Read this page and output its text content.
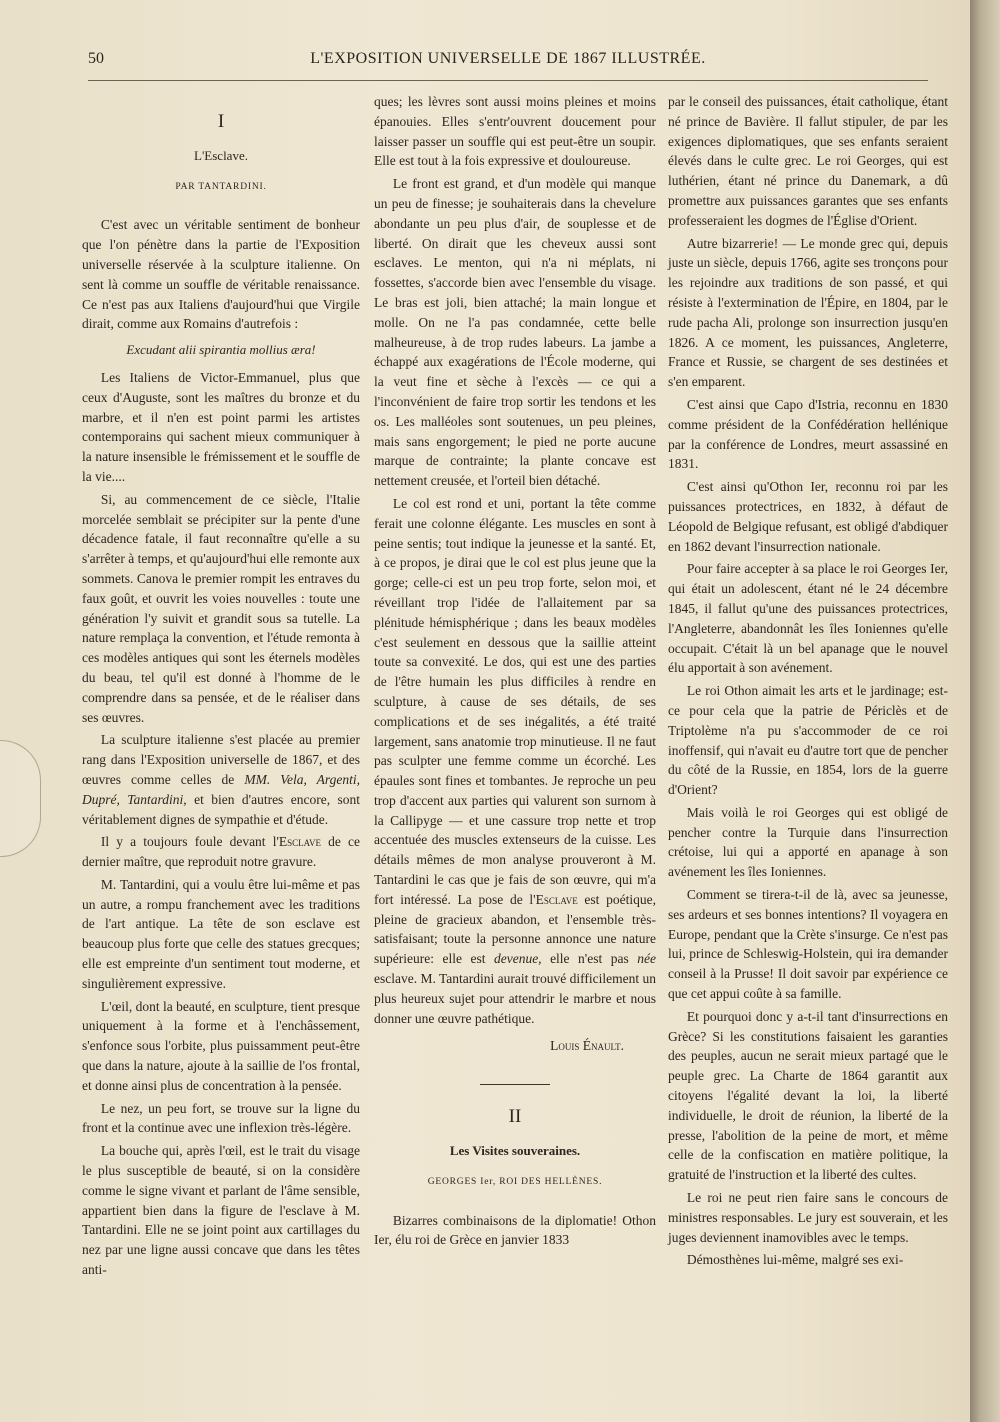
50	L'EXPOSITION UNIVERSELLE DE 1867 ILLUSTRÉE.
I
L'Esclave.
PAR TANTARDINI.

C'est avec un véritable sentiment de bonheur que l'on pénètre dans la partie de l'Exposition universelle réservée à la sculpture italienne. On sent là comme un souffle de véritable renaissance. Ce n'est pas aux Italiens d'aujourd'hui que Virgile dirait, comme aux Romains d'autrefois :

Excudant alii spirantia mollius æra!

Les Italiens de Victor-Emmanuel, plus que ceux d'Auguste, sont les maîtres du bronze et du marbre, et il n'en est point parmi les artistes contemporains qui sachent mieux communiquer à la nature insensible le frémissement et le souffle de la vie....

Si, au commencement de ce siècle, l'Italie morcelée semblait se précipiter sur la pente d'une décadence fatale, il faut reconnaître qu'elle a su s'arrêter à temps, et qu'aujourd'hui elle remonte aux sommets. Canova le premier rompit les entraves du faux goût, et ouvrit les voies nouvelles : toute une génération l'y suivit et grandit sous sa tutelle. La nature remplaça la convention, et l'étude remonta à ces modèles antiques qui sont les éternels modèles du beau, tel qu'il est donné à l'homme de le comprendre dans sa pensée, et de le réaliser dans ses œuvres.

La sculpture italienne s'est placée au premier rang dans l'Exposition universelle de 1867, et des œuvres comme celles de MM. Vela, Argenti, Dupré, Tantardini, et bien d'autres encore, sont véritablement dignes de sympathie et d'étude.

Il y a toujours foule devant l'Esclave de ce dernier maître, que reproduit notre gravure.

M. Tantardini, qui a voulu être lui-même et pas un autre, a rompu franchement avec les traditions de l'art antique. La tête de son esclave est beaucoup plus forte que celle des statues grecques; elle est empreinte d'un sentiment tout moderne, et singulièrement expressive.

L'œil, dont la beauté, en sculpture, tient presque uniquement à la forme et à l'enchâssement, s'enfonce sous l'orbite, plus puissamment peut-être que dans la nature, ajoute à la saillie de l'os frontal, et donne ainsi plus de concentration à la pensée.

Le nez, un peu fort, se trouve sur la ligne du front et la continue avec une inflexion très-légère.

La bouche qui, après l'œil, est le trait du visage le plus susceptible de beauté, si on la considère comme le signe vivant et parlant de l'âme sensible, appartient bien dans la figure de l'esclave à M. Tantardini. Elle ne se joint point aux cartillages du nez par une ligne aussi concave que dans les têtes anti-

ques; les lèvres sont aussi moins pleines et moins épanouies. Elles s'entr'ouvrent doucement pour laisser passer un souffle qui est peut-être un soupir. Elle est tout à la fois expressive et douloureuse.

Le front est grand, et d'un modèle qui manque un peu de finesse; je souhaiterais dans la chevelure abondante un peu plus d'air, de souplesse et de liberté. On dirait que les cheveux aussi sont esclaves. Le menton, qui n'a ni méplats, ni fossettes, s'accorde bien avec l'ensemble du visage. Le bras est joli, bien attaché; la main longue et molle. On ne l'a pas condamnée, cette belle malheureuse, à de trop rudes labeurs. La jambe a échappé aux exagérations de l'École moderne, qui la veut fine et sèche à l'excès — ce qui a l'inconvénient de faire trop sortir les tendons et les os. Les malléoles sont soutenues, un peu pleines, mais sans engorgement; le pied ne porte aucune marque de contrainte; la plante concave est nettement creusée, et l'orteil bien détaché.

Le col est rond et uni, portant la tête comme ferait une colonne élégante. Les muscles en sont à peine sentis; tout indique la jeunesse et la santé. Et, à ce propos, je dirai que le col est plus jeune que la gorge; celle-ci est un peu trop forte, selon moi, et réveillant trop l'idée de l'allaitement par sa plénitude hémisphérique ; dans les beaux modèles c'est seulement en dessous que la saillie atteint toute sa convexité. Le dos, qui est une des parties de l'être humain les plus difficiles à rendre en sculpture, à cause de ses détails, de ses complications et de ses inégalités, a été traité largement, sans anatomie trop minutieuse. Il ne faut pas sculpter une femme comme un écorché. Les épaules sont fines et tombantes. Je reproche un peu trop d'accent aux parties qui valurent son surnom à la Callipyge — et une cassure trop nette et trop accentuée des muscles extenseurs de la cuisse. Les détails mêmes de mon analyse prouveront à M. Tantardini le cas que je fais de son œuvre, qui m'a fort intéressé. La pose de l'Esclave est poétique, pleine de gracieux abandon, et l'ensemble très-satisfaisant; toute la personne annonce une nature supérieure: elle est devenue, elle n'est pas née esclave. M. Tantardini aurait trouvé difficilement un plus heureux sujet pour attendrir le marbre et nous donner une œuvre pathétique.

Louis Énault.
II
Les Visites souveraines.
GEORGES Ier, ROI DES HELLÈNES.

Bizarres combinaisons de la diplomatie! Othon Ier, élu roi de Grèce en janvier 1833

par le conseil des puissances, était catholique, étant né prince de Bavière. Il fallut stipuler, de par les exigences diplomatiques, que ses enfants seraient élevés dans le culte grec. Le roi Georges, qui est luthérien, étant né prince du Danemark, a dû promettre aux puissances garantes que ses enfants professeraient les dogmes de l'Église d'Orient.

Autre bizarrerie! — Le monde grec qui, depuis juste un siècle, depuis 1766, agite ses tronçons pour les rejoindre aux traditions de son passé, et qui résiste à l'extermination de l'Épire, en 1804, par le rude pacha Ali, prolonge son insurrection jusqu'en 1826. A ce moment, les puissances, Angleterre, France et Russie, se chargent de ses destinées et s'en emparent.

C'est ainsi que Capo d'Istria, reconnu en 1830 comme président de la Confédération hellénique par la conférence de Londres, meurt assassiné en 1831.

C'est ainsi qu'Othon Ier, reconnu roi par les puissances protectrices, en 1832, à défaut de Léopold de Belgique refusant, est obligé d'abdiquer en 1862 devant l'insurrection nationale.

Pour faire accepter à sa place le roi Georges Ier, qui était un adolescent, étant né le 24 décembre 1845, il fallut qu'une des puissances protectrices, l'Angleterre, abandonnât les îles Ioniennes qu'elle occupait. C'était là un bel apanage que le nouvel élu apportait à son avénement.

Le roi Othon aimait les arts et le jardinage; est-ce pour cela que la patrie de Périclès et de Triptolème n'a pu s'accommoder de ce roi inoffensif, qui n'avait eu d'autre tort que de pencher du côté de la Russie, en 1854, lors de la guerre d'Orient?

Mais voilà le roi Georges qui est obligé de pencher contre la Turquie dans l'insurrection crétoise, lui qui a apporté en apanage à son avénement les îles Ioniennes.

Comment se tirera-t-il de là, avec sa jeunesse, ses ardeurs et ses bonnes intentions? Il voyagera en Europe, pendant que la Crète s'insurge. Ce n'est pas lui, prince de Schleswig-Holstein, qui ira demander conseil à la Prusse! Il doit savoir par expérience ce que cet appui coûte à sa famille.

Et pourquoi donc y a-t-il tant d'insurrections en Grèce? Si les constitutions faisaient les garanties des peuples, aucun ne serait mieux partagé que le peuple grec. La Charte de 1864 garantit aux citoyens l'égalité devant la loi, la liberté individuelle, le droit de réunion, la liberté de la presse, l'abolition de la peine de mort, et même celle de la confiscation en matière politique, la gratuité de l'instruction et la liberté des cultes.

Le roi ne peut rien faire sans le concours de ministres responsables. Le jury est souverain, et les juges deviennent inamovibles avec le temps.

Démosthènes lui-même, malgré ses exi-
